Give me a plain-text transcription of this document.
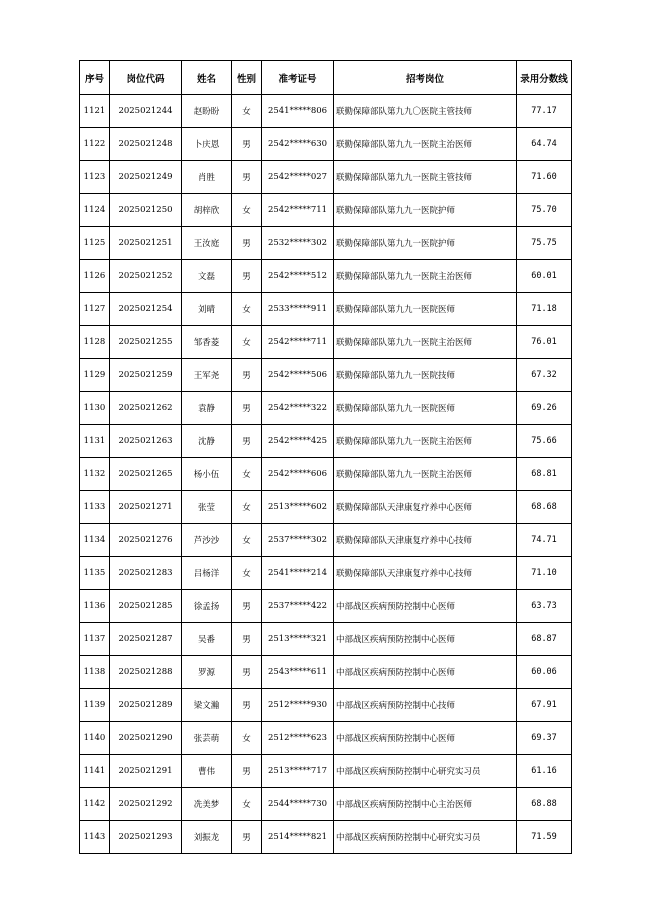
序号	岗位代码	姓名	性别	准考证号	招考岗位	录用分数线
1121	2025021244	赵盼盼	女	2541*****806	联勤保障部队第九九〇医院主管技师	77.17
1122	2025021248	卜庆恩	男	2542*****630	联勤保障部队第九九一医院主治医师	64.74
1123	2025021249	肖胜	男	2542*****027	联勤保障部队第九九一医院主管技师	71.60
1124	2025021250	胡梓欣	女	2542*****711	联勤保障部队第九九一医院护师	75.70
1125	2025021251	王汝庭	男	2532*****302	联勤保障部队第九九一医院护师	75.75
1126	2025021252	文磊	男	2542*****512	联勤保障部队第九九一医院主治医师	60.01
1127	2025021254	刘晴	女	2533*****911	联勤保障部队第九九一医院医师	71.18
1128	2025021255	邹香菱	女	2542*****711	联勤保障部队第九九一医院主治医师	76.01
1129	2025021259	王军尧	男	2542*****506	联勤保障部队第九九一医院技师	67.32
1130	2025021262	袁静	男	2542*****322	联勤保障部队第九九一医院医师	69.26
1131	2025021263	沈静	男	2542*****425	联勤保障部队第九九一医院主治医师	75.66
1132	2025021265	杨小伍	女	2542*****606	联勤保障部队第九九一医院主治医师	68.81
1133	2025021271	张莹	女	2513*****602	联勤保障部队天津康复疗养中心医师	68.68
1134	2025021276	芦沙沙	女	2537*****302	联勤保障部队天津康复疗养中心技师	74.71
1135	2025021283	吕杨洋	女	2541*****214	联勤保障部队天津康复疗养中心技师	71.10
1136	2025021285	徐孟扬	男	2537*****422	中部战区疾病预防控制中心医师	63.73
1137	2025021287	吴番	男	2513*****321	中部战区疾病预防控制中心医师	68.87
1138	2025021288	罗源	男	2543*****611	中部战区疾病预防控制中心医师	60.06
1139	2025021289	梁文瀚	男	2512*****930	中部战区疾病预防控制中心技师	67.91
1140	2025021290	张芸萌	女	2512*****623	中部战区疾病预防控制中心医师	69.37
1141	2025021291	曹伟	男	2513*****717	中部战区疾病预防控制中心研究实习员	61.16
1142	2025021292	冼美梦	女	2544*****730	中部战区疾病预防控制中心主治医师	68.88
1143	2025021293	刘振龙	男	2514*****821	中部战区疾病预防控制中心研究实习员	71.59
